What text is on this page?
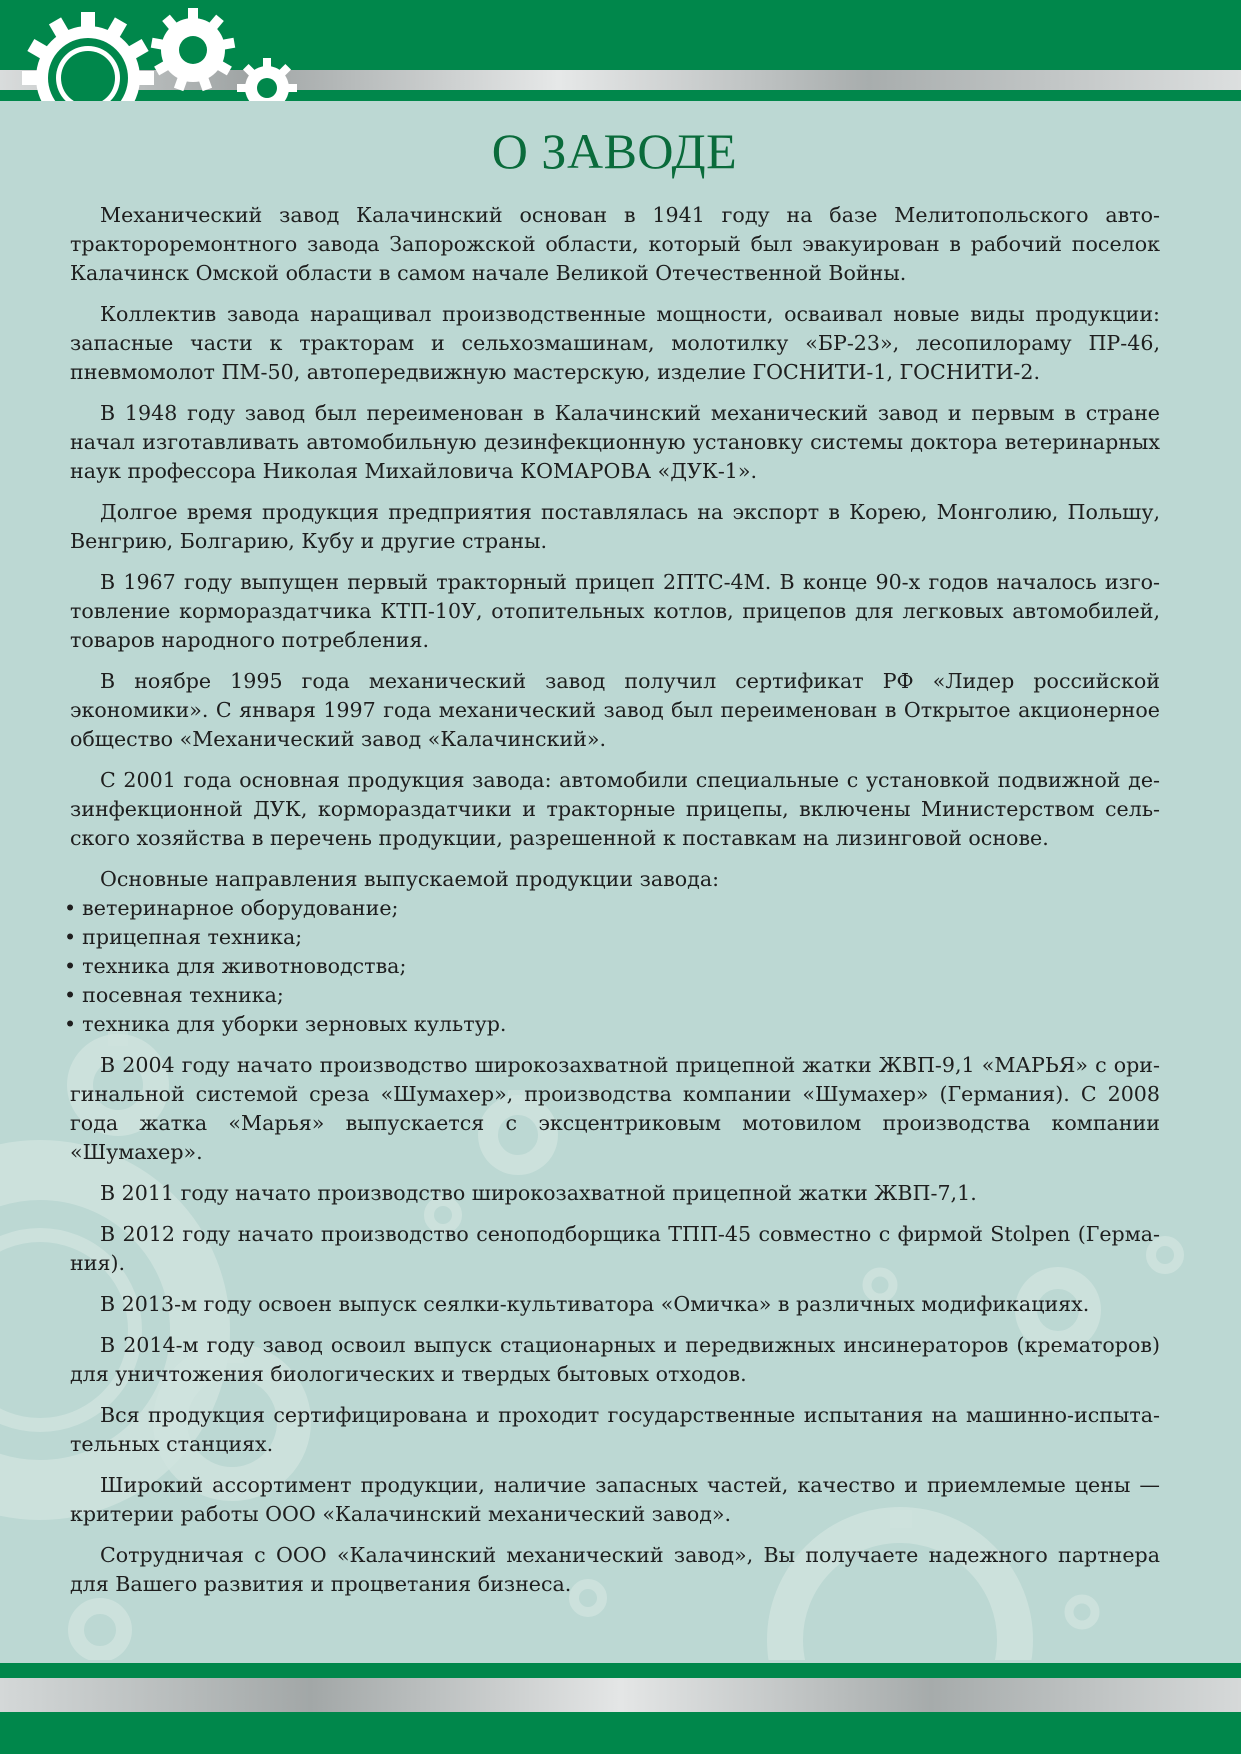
О ЗАВОДЕ

Механический завод Калачинский основан в 1941 году на базе Мелитопольского авто-трактороремонтного завода Запорожской области, который был эвакуирован в рабочий поселок Калачинск Омской области в самом начале Великой Отечественной Войны.

Коллектив завода наращивал производственные мощности, осваивал новые виды продукции: запасные части к тракторам и сельхозмашинам, молотилку «БР-23», лесопилораму ПР-46, пневмомолот ПМ-50, автопередвижную мастерскую, изделие ГОСНИТИ-1, ГОСНИТИ-2.

В 1948 году завод был переименован в Калачинский механический завод и первым в стране начал изготавливать автомобильную дезинфекционную установку системы доктора ветеринарных наук профессора Николая Михайловича КОМАРОВА «ДУК-1».

Долгое время продукция предприятия поставлялась на экспорт в Корею, Монголию, Польшу, Венгрию, Болгарию, Кубу и другие страны.

В 1967 году выпущен первый тракторный прицеп 2ПТС-4М. В конце 90-х годов началось изготовление кормораздатчика КТП-10У, отопительных котлов, прицепов для легковых автомобилей, товаров народного потребления.

В ноябре 1995 года механический завод получил сертификат РФ «Лидер российской экономики». С января 1997 года механический завод был переименован в Открытое акционерное общество «Механический завод «Калачинский».

С 2001 года основная продукция завода: автомобили специальные с установкой подвижной дезинфекционной ДУК, кормораздатчики и тракторные прицепы, включены Министерством сельского хозяйства в перечень продукции, разрешенной к поставкам на лизинговой основе.

Основные направления выпускаемой продукции завода:

• ветеринарное оборудование;
• прицепная техника;
• техника для животноводства;
• посевная техника;
• техника для уборки зерновых культур.

В 2004 году начато производство широкозахватной прицепной жатки ЖВП-9,1 «МАРЬЯ» с оригинальной системой среза «Шумахер», производства компании «Шумахер» (Германия). С 2008 года жатка «Марья» выпускается с эксцентриковым мотовилом производства компании «Шумахер».

В 2011 году начато производство широкозахватной прицепной жатки ЖВП-7,1.

В 2012 году начато производство сеноподборщика ТПП-45 совместно с фирмой Stolpen (Германия).

В 2013-м году освоен выпуск сеялки-культиватора «Омичка» в различных модификациях.

В 2014-м году завод освоил выпуск стационарных и передвижных инсинераторов (крематоров) для уничтожения биологических и твердых бытовых отходов.

Вся продукция сертифицирована и проходит государственные испытания на машинно-испытательных станциях.

Широкий ассортимент продукции, наличие запасных частей, качество и приемлемые цены — критерии работы ООО «Калачинский механический завод».

Сотрудничая с ООО «Калачинский механический завод», Вы получаете надежного партнера для Вашего развития и процветания бизнеса.
